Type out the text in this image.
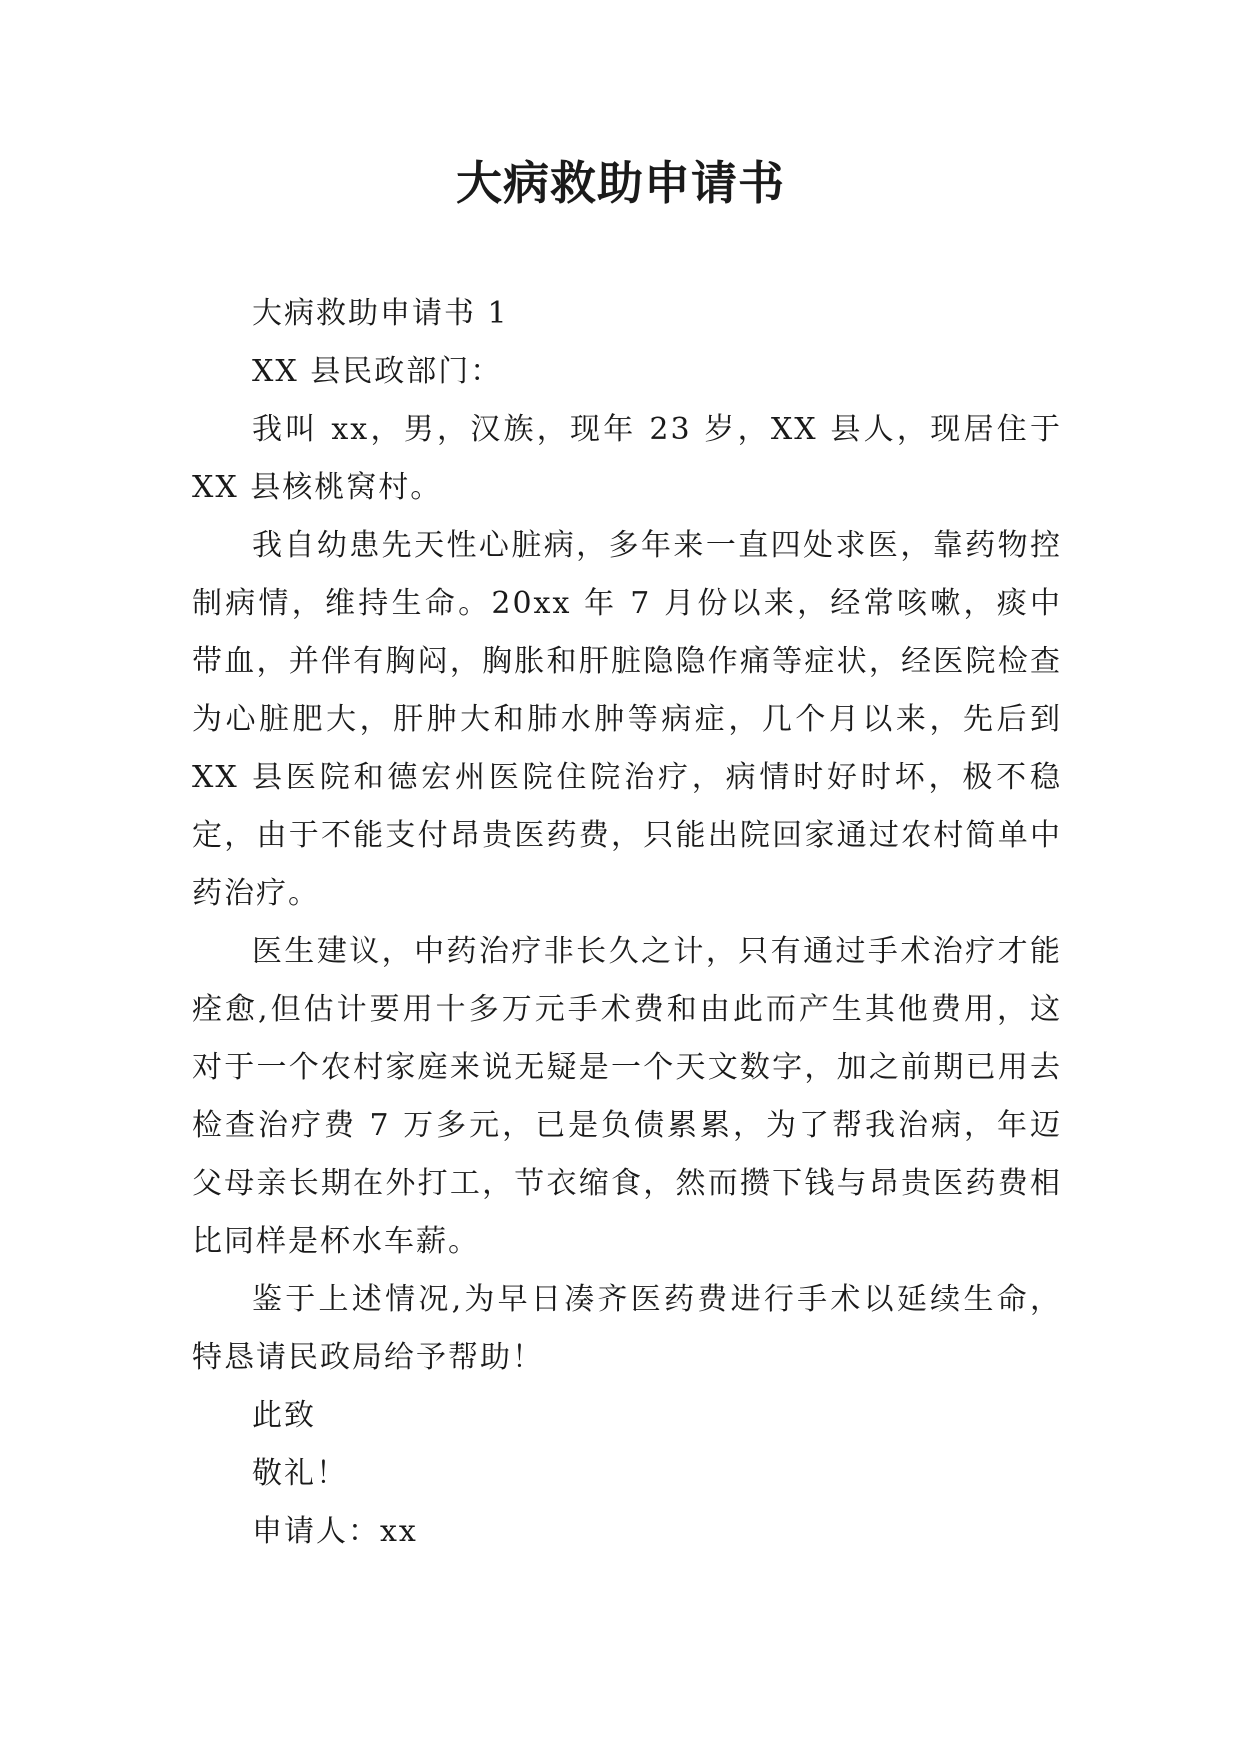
大病救助申请书

大病救助申请书 1

XX 县民政部门：

我叫 xx，男，汉族，现年 23 岁，XX 县人，现居住于 XX 县核桃窝村。

我自幼患先天性心脏病，多年来一直四处求医，靠药物控制病情，维持生命。20xx 年 7 月份以来，经常咳嗽，痰中带血，并伴有胸闷，胸胀和肝脏隐隐作痛等症状，经医院检查为心脏肥大，肝肿大和肺水肿等病症，几个月以来，先后到 XX 县医院和德宏州医院住院治疗，病情时好时坏，极不稳定，由于不能支付昂贵医药费，只能出院回家通过农村简单中药治疗。

医生建议，中药治疗非长久之计，只有通过手术治疗才能痊愈,但估计要用十多万元手术费和由此而产生其他费用，这对于一个农村家庭来说无疑是一个天文数字，加之前期已用去检查治疗费 7 万多元，已是负债累累，为了帮我治病，年迈父母亲长期在外打工，节衣缩食，然而攒下钱与昂贵医药费相比同样是杯水车薪。

鉴于上述情况,为早日凑齐医药费进行手术以延续生命，特恳请民政局给予帮助！

此致

敬礼！

申请人：xx
